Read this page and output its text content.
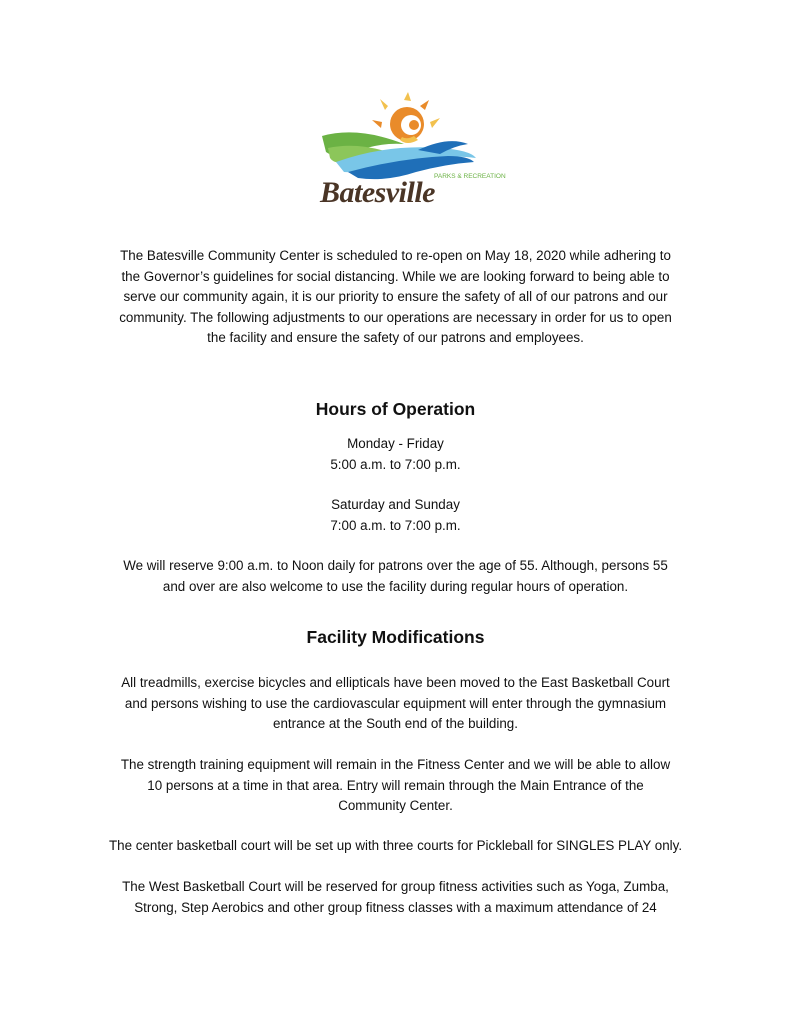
PARKS & RECREATION
Batesville

The Batesville Community Center is scheduled to re-open on May 18, 2020 while adhering to
the Governor’s guidelines for social distancing. While we are looking forward to being able to
serve our community again, it is our priority to ensure the safety of all of our patrons and our
community. The following adjustments to our operations are necessary in order for us to open
the facility and ensure the safety of our patrons and employees.

Hours of Operation

Monday - Friday
5:00 a.m. to 7:00 p.m.

Saturday and Sunday
7:00 a.m. to 7:00 p.m.

We will reserve 9:00 a.m. to Noon daily for patrons over the age of 55. Although, persons 55
and over are also welcome to use the facility during regular hours of operation.

Facility Modifications

All treadmills, exercise bicycles and ellipticals have been moved to the East Basketball Court
and persons wishing to use the cardiovascular equipment will enter through the gymnasium
entrance at the South end of the building.

The strength training equipment will remain in the Fitness Center and we will be able to allow
10 persons at a time in that area. Entry will remain through the Main Entrance of the
Community Center.

The center basketball court will be set up with three courts for Pickleball for SINGLES PLAY only.

The West Basketball Court will be reserved for group fitness activities such as Yoga, Zumba,
Strong, Step Aerobics and other group fitness classes with a maximum attendance of 24
